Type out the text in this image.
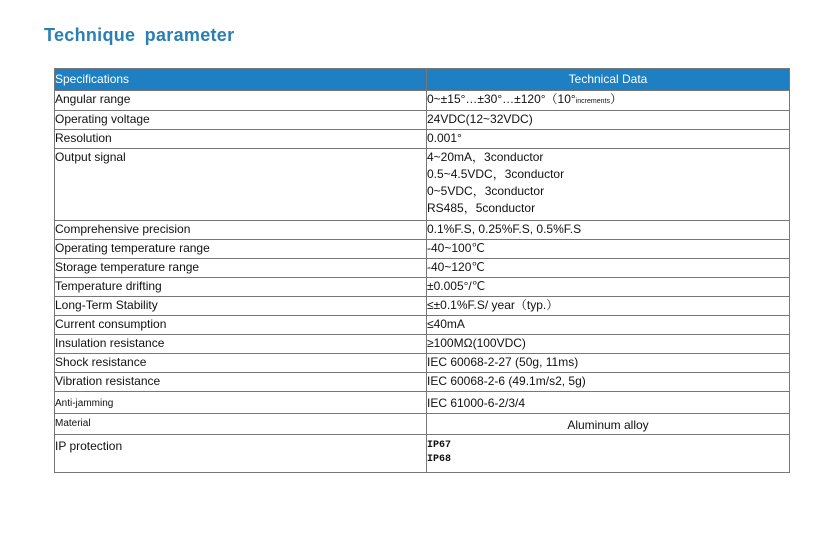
Technique parameter
Specifications	Technical Data
Angular range	0~±15°…±30°…±120°（10°increments）
Operating voltage	24VDC(12~32VDC)
Resolution	0.001°
Output signal	4~20mA，3conductor
0.5~4.5VDC，3conductor
0~5VDC，3conductor
RS485，5conductor

Comprehensive precision	0.1%F.S, 0.25%F.S, 0.5%F.S
Operating temperature range	-40~100℃
Storage temperature range	-40~120℃
Temperature drifting	±0.005°/℃
Long-Term Stability	≤±0.1%F.S/ year（typ.）
Current consumption	≤40mA
Insulation resistance	≥100MΩ(100VDC)
Shock resistance	IEC 60068-2-27 (50g, 11ms)
Vibration resistance	IEC 60068-2-6 (49.1m/s2, 5g)
Anti-jamming	IEC 61000-6-2/3/4
Material	Aluminum alloy
IP protection	IP67
IP68
